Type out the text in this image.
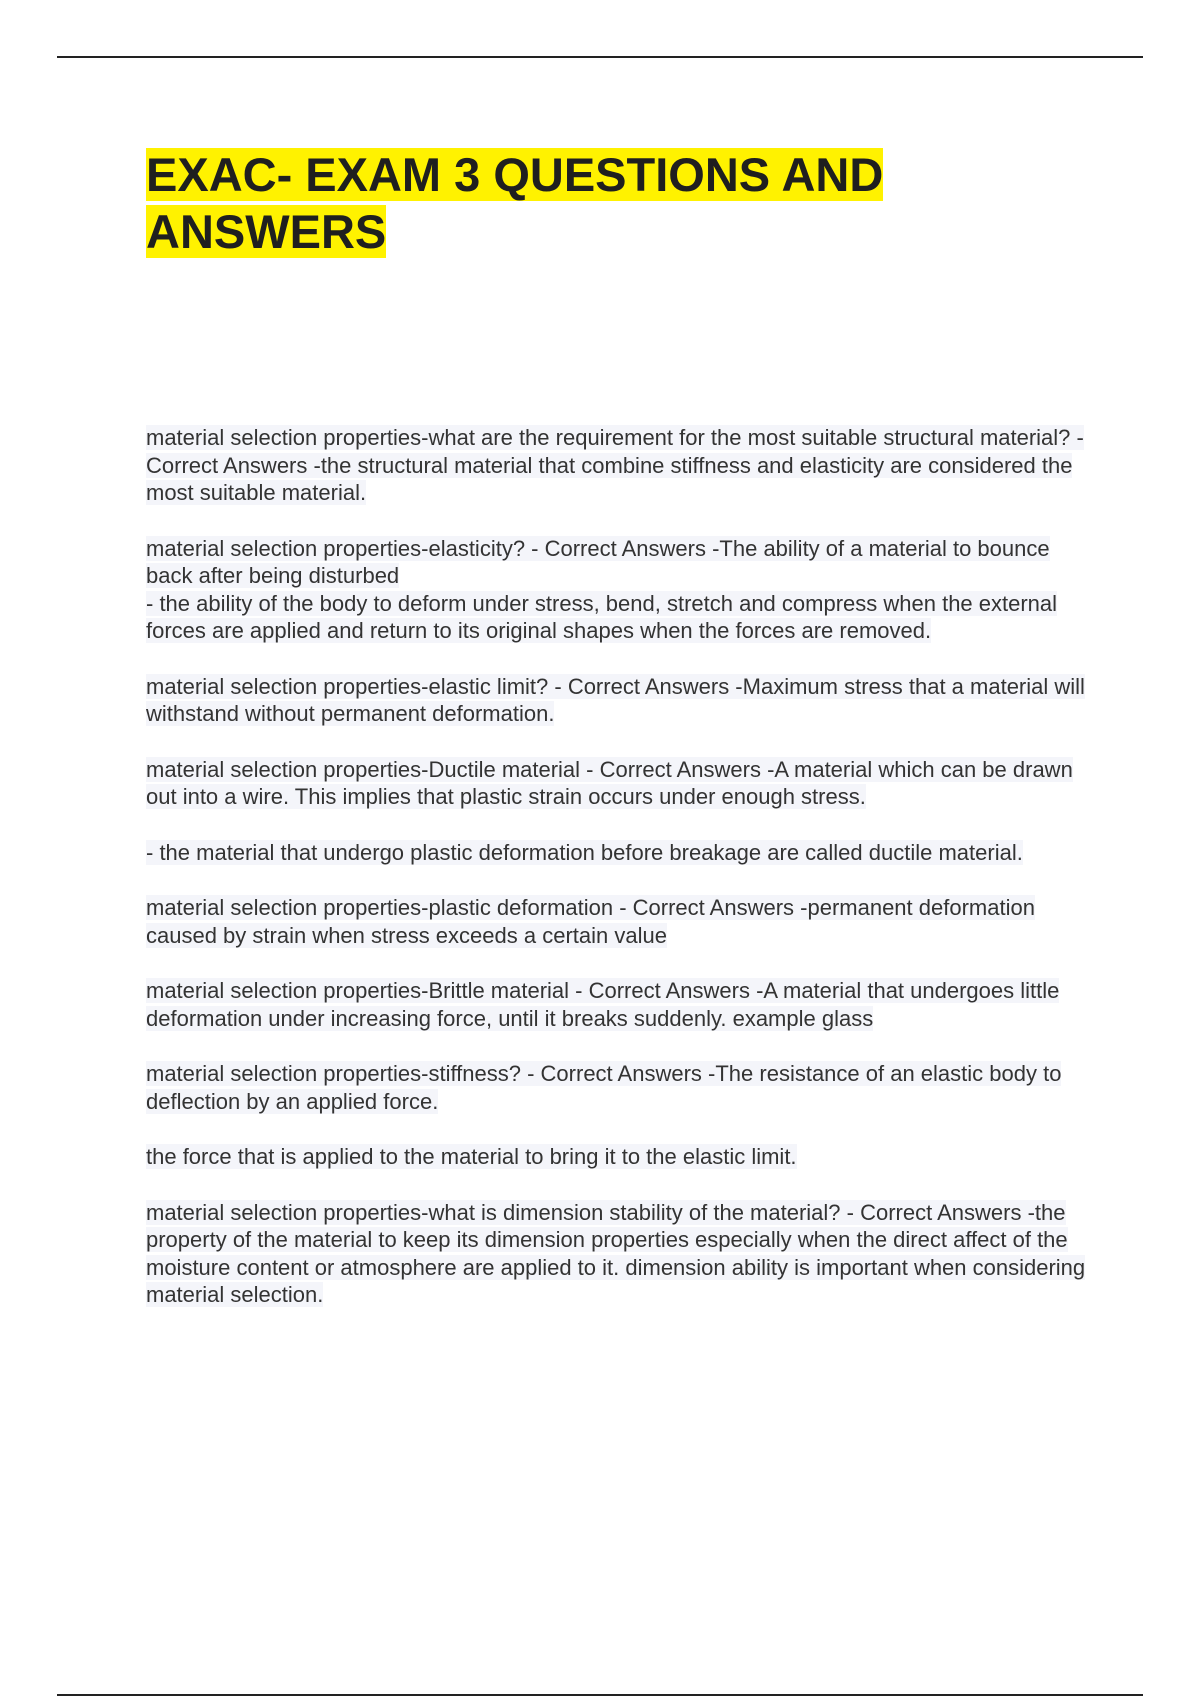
EXAC- EXAM 3 QUESTIONS AND ANSWERS

material selection properties-what are the requirement for the most suitable structural material? - Correct Answers -the structural material that combine stiffness and elasticity are considered the most suitable material.

material selection properties-elasticity? - Correct Answers -The ability of a material to bounce back after being disturbed
- the ability of the body to deform under stress, bend, stretch and compress when the external forces are applied and return to its original shapes when the forces are removed.

material selection properties-elastic limit? - Correct Answers -Maximum stress that a material will withstand without permanent deformation.

material selection properties-Ductile material - Correct Answers -A material which can be drawn out into a wire. This implies that plastic strain occurs under enough stress.

- the material that undergo plastic deformation before breakage are called ductile material.

material selection properties-plastic deformation - Correct Answers -permanent deformation caused by strain when stress exceeds a certain value

material selection properties-Brittle material - Correct Answers -A material that undergoes little deformation under increasing force, until it breaks suddenly. example glass

material selection properties-stiffness? - Correct Answers -The resistance of an elastic body to deflection by an applied force.

the force that is applied to the material to bring it to the elastic limit.

material selection properties-what is dimension stability of the material? - Correct Answers -the property of the material to keep its dimension properties especially when the direct affect of the moisture content or atmosphere are applied to it. dimension ability is important when considering material selection.
